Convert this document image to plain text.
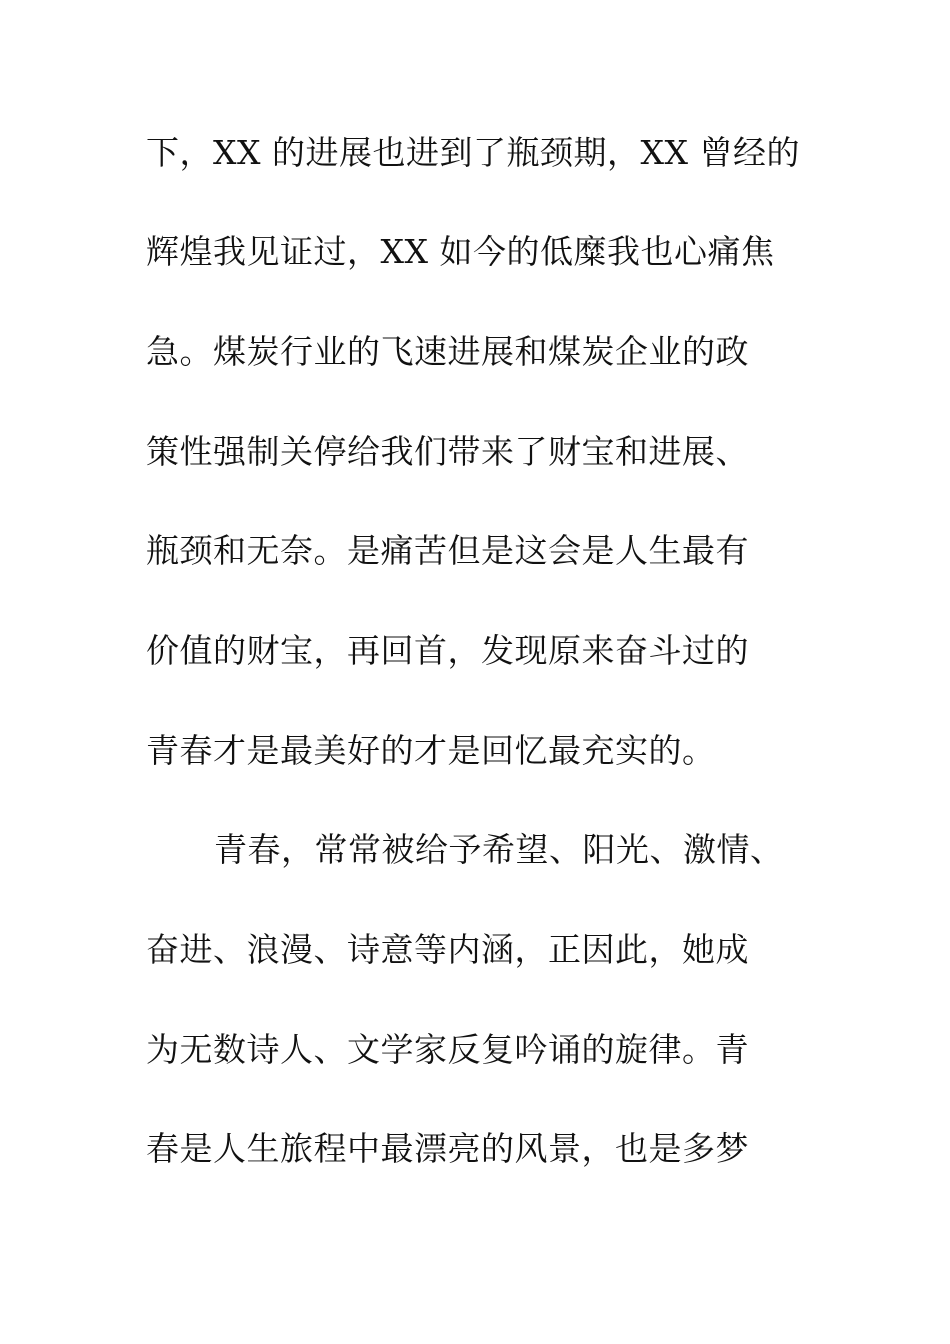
下，XX 的进展也进到了瓶颈期，XX 曾经的
辉煌我见证过，XX 如今的低糜我也心痛焦
急。煤炭行业的飞速进展和煤炭企业的政
策性强制关停给我们带来了财宝和进展、
瓶颈和无奈。是痛苦但是这会是人生最有
价值的财宝，再回首，发现原来奋斗过的
青春才是最美好的才是回忆最充实的。
青春，常常被给予希望、阳光、激情、
奋进、浪漫、诗意等内涵，正因此，她成
为无数诗人、文学家反复吟诵的旋律。青
春是人生旅程中最漂亮的风景，也是多梦
